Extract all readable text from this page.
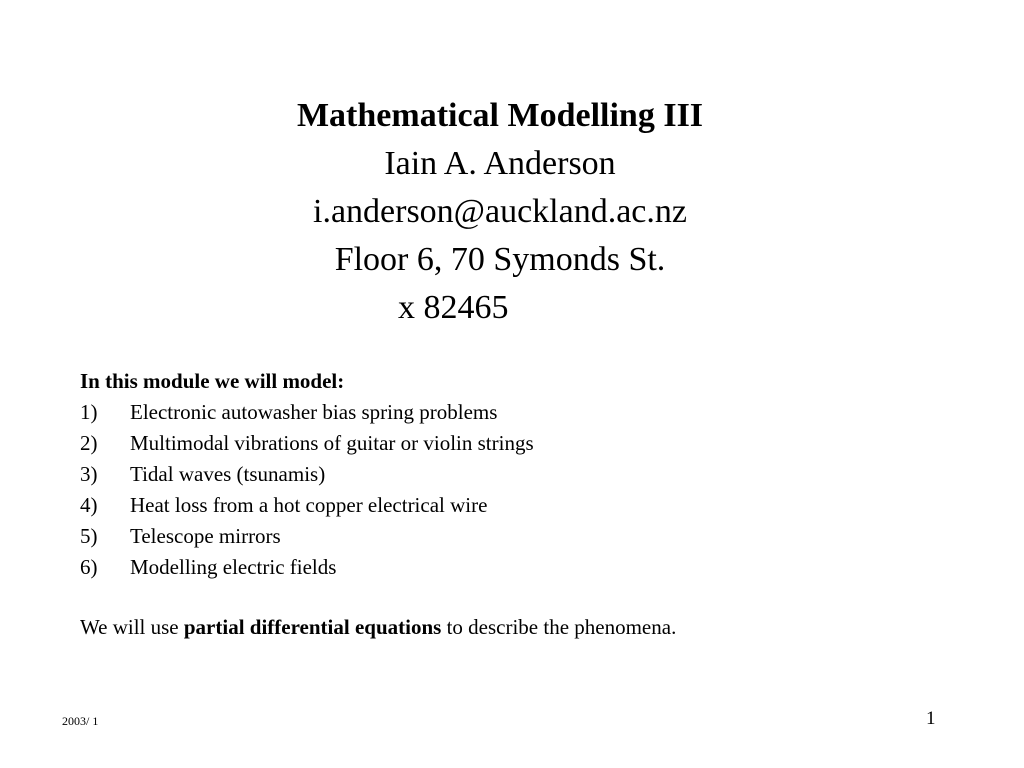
Mathematical Modelling III

Iain A. Anderson

i.anderson@auckland.ac.nz

Floor 6, 70 Symonds St.

x 82465

In this module we will model:

1)	Electronic autowasher bias spring problems
2)	Multimodal vibrations of guitar or violin strings
3)	Tidal waves (tsunamis)
4)	Heat loss from a hot copper electrical wire
5)	Telescope mirrors
6)	Modelling electric fields
We will use partial differential equations to describe the phenomena.
2003/ 1	1
